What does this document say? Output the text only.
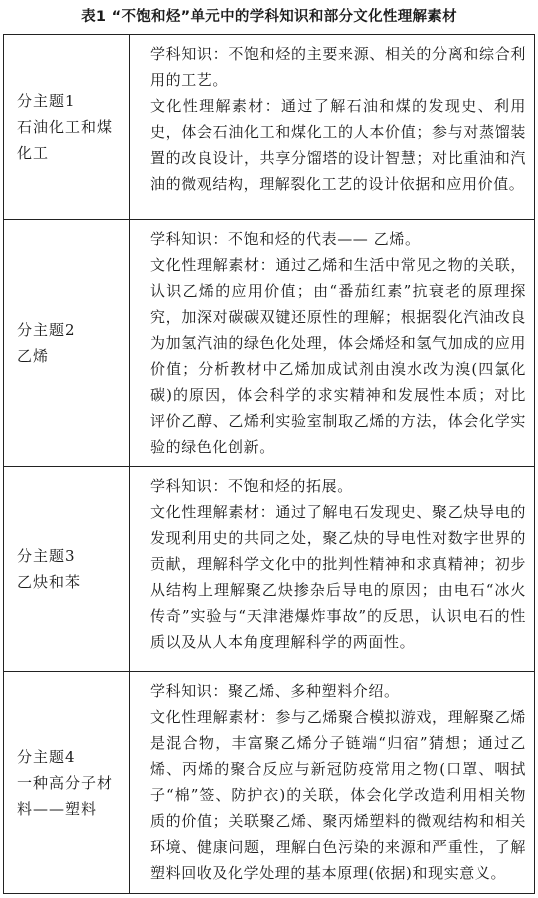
表1 “不饱和烃”单元中的学科知识和部分文化性理解素材
分主题1
石油化工和煤化工	学科知识：不饱和烃的主要来源、相关的分离和综合利用的工艺。
文化性理解素材：通过了解石油和煤的发现史、利用史，体会石油化工和煤化工的人本价值；参与对蒸馏装置的改良设计，共享分馏塔的设计智慧；对比重油和汽油的微观结构，理解裂化工艺的设计依据和应用价值。

分主题2
乙烯	学科知识：不饱和烃的代表—— 乙烯。
文化性理解素材：通过乙烯和生活中常见之物的关联，认识乙烯的应用价值；由“番茄红素”抗衰老的原理探究，加深对碳碳双键还原性的理解；根据裂化汽油改良为加氢汽油的绿色化处理，体会烯烃和氢气加成的应用价值；分析教材中乙烯加成试剂由溴水改为溴(四氯化碳)的原因，体会科学的求实精神和发展性本质；对比评价乙醇、乙烯利实验室制取乙烯的方法，体会化学实验的绿色化创新。

分主题3
乙炔和苯	学科知识：不饱和烃的拓展。
文化性理解素材：通过了解电石发现史、聚乙炔导电的发现利用史的共同之处，聚乙炔的导电性对数字世界的贡献，理解科学文化中的批判性精神和求真精神；初步从结构上理解聚乙炔掺杂后导电的原因；由电石“冰火传奇”实验与“天津港爆炸事故”的反思，认识电石的性质以及从人本角度理解科学的两面性。

分主题4
一种高分子材料——塑料	学科知识：聚乙烯、多种塑料介绍。
文化性理解素材：参与乙烯聚合模拟游戏，理解聚乙烯是混合物，丰富聚乙烯分子链端“归宿”猜想；通过乙烯、丙烯的聚合反应与新冠防疫常用之物(口罩、咽拭子“棉”签、防护衣)的关联，体会化学改造利用相关物质的价值；关联聚乙烯、聚丙烯塑料的微观结构和相关环境、健康问题，理解白色污染的来源和严重性，了解塑料回收及化学处理的基本原理(依据)和现实意义。
